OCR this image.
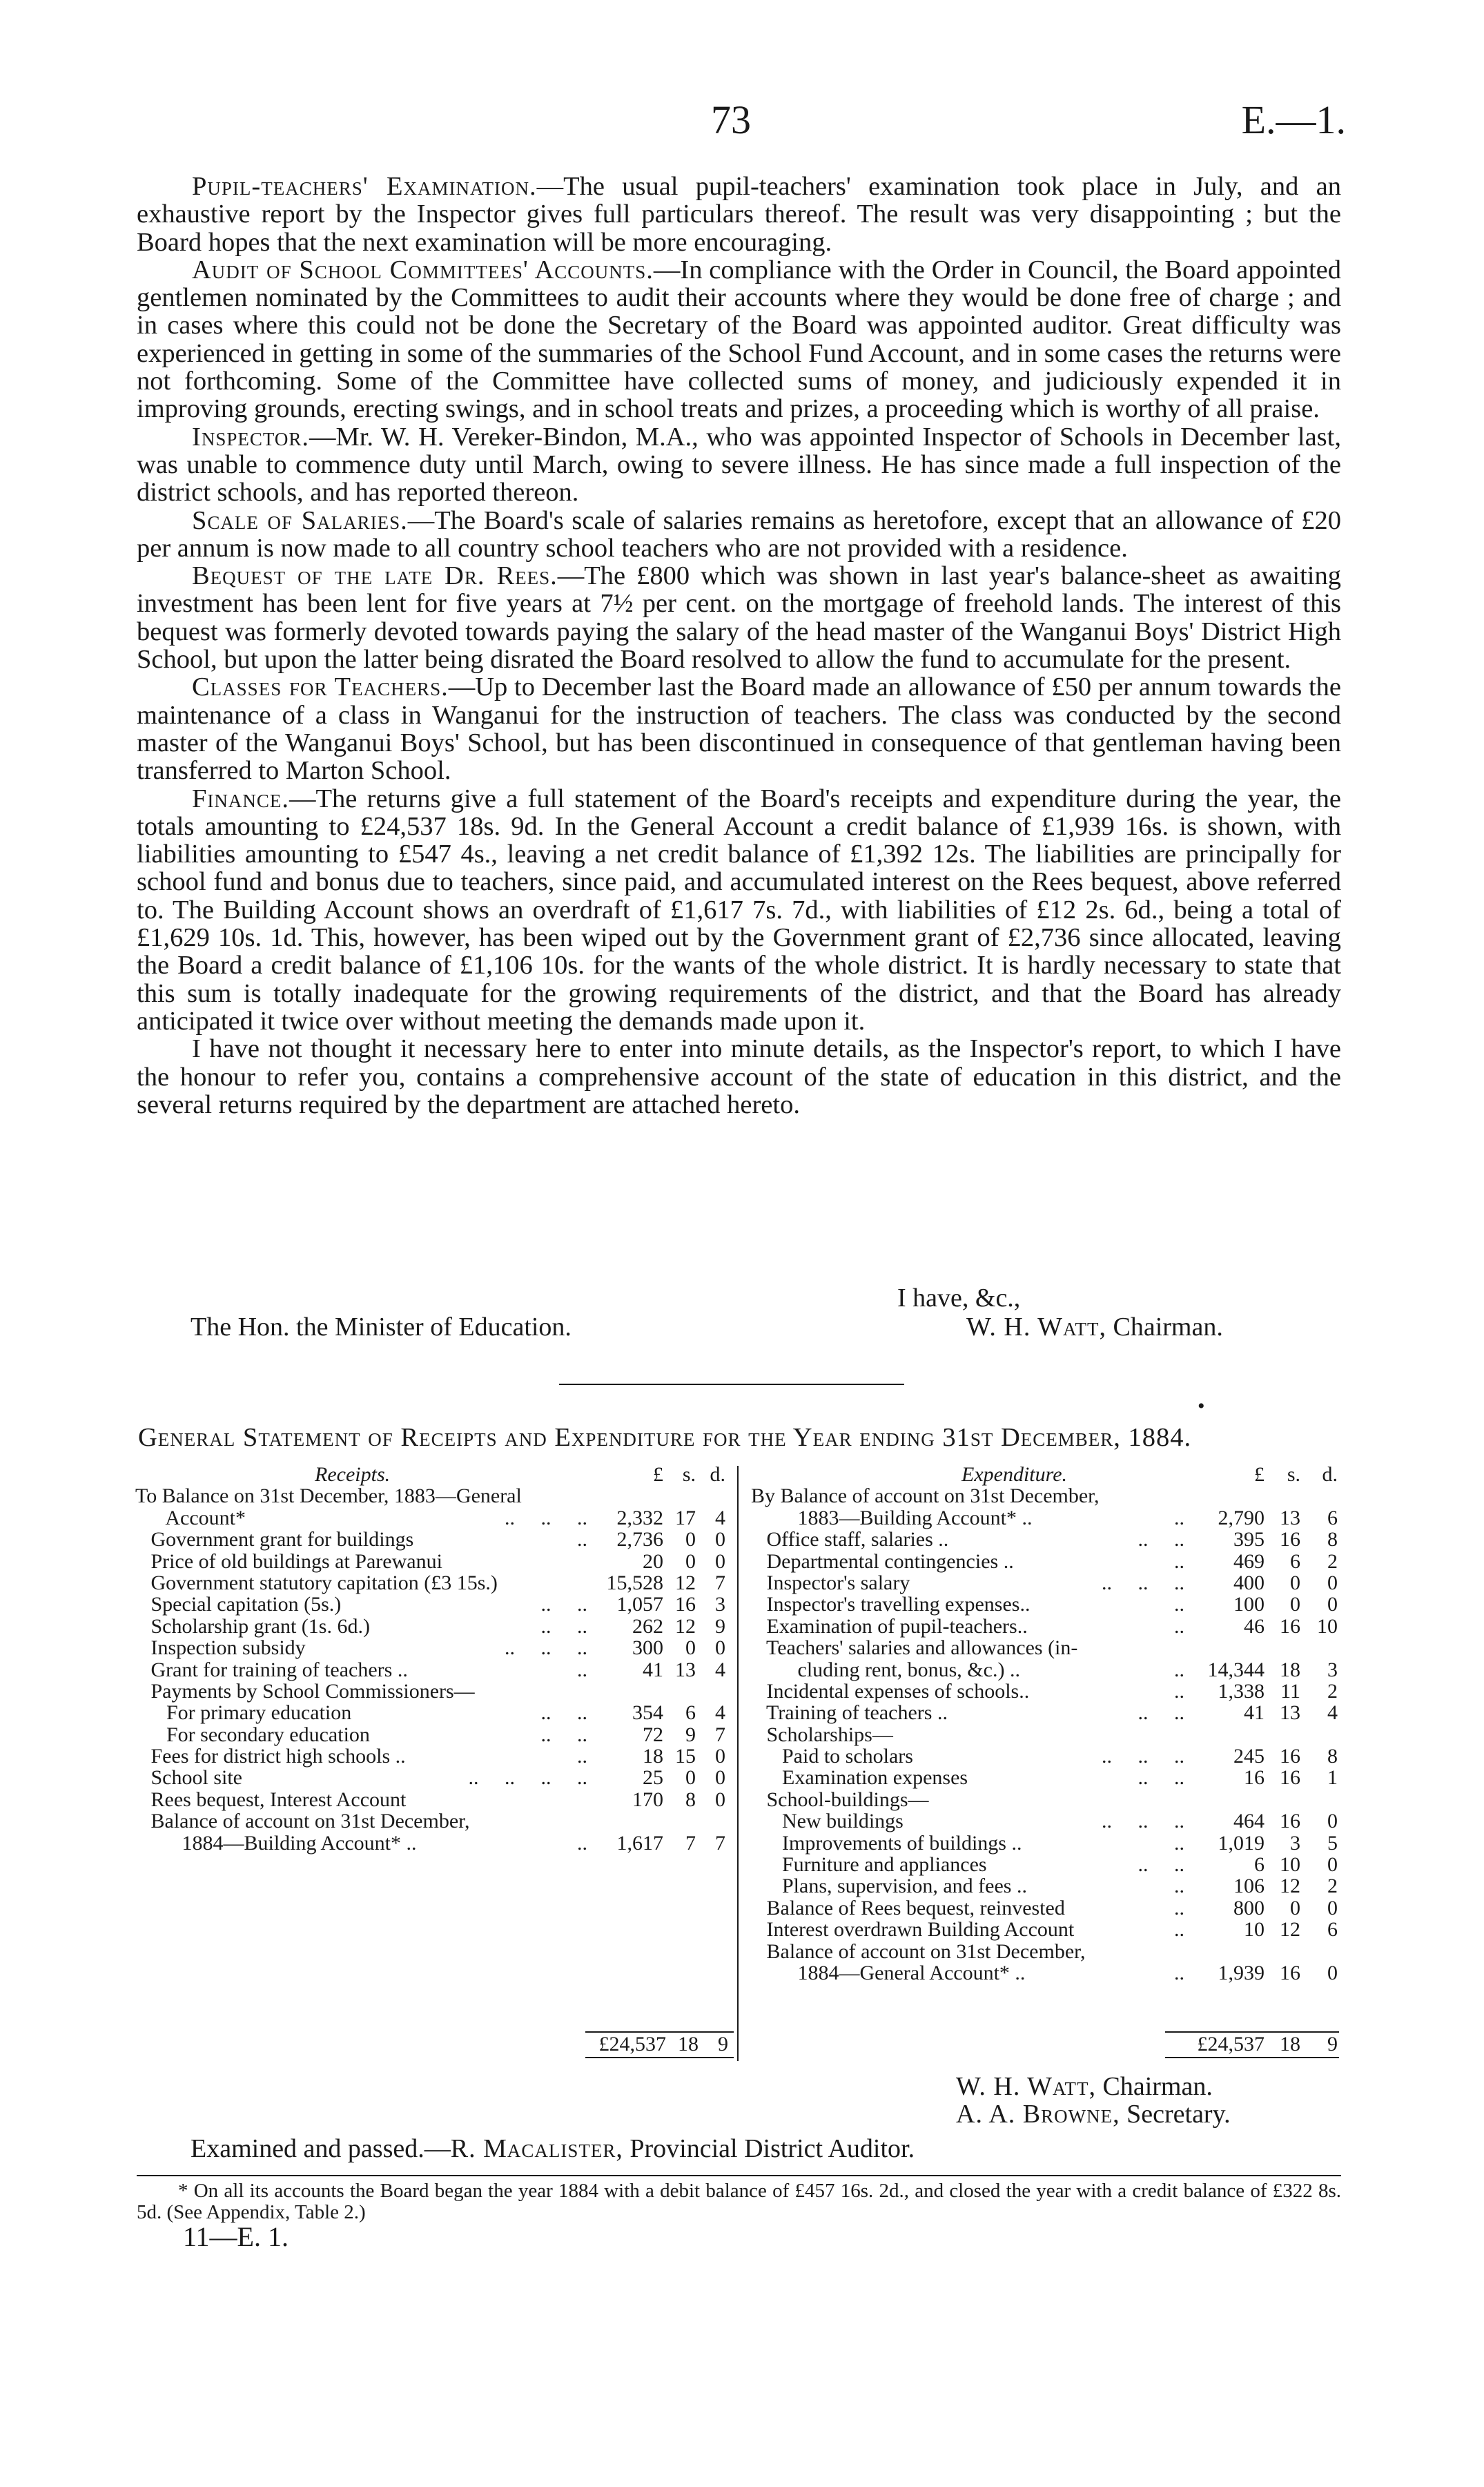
73	E.—1.

Pupil-teachers' Examination.—The usual pupil-teachers' examination took place in July, and an exhaustive report by the Inspector gives full particulars thereof. The result was very disappointing ; but the Board hopes that the next examination will be more encouraging.

Audit of School Committees' Accounts.—In compliance with the Order in Council, the Board appointed gentlemen nominated by the Committees to audit their accounts where they would be done free of charge ; and in cases where this could not be done the Secretary of the Board was appointed auditor. Great difficulty was experienced in getting in some of the summaries of the School Fund Account, and in some cases the returns were not forthcoming. Some of the Committee have collected sums of money, and judiciously expended it in improving grounds, erecting swings, and in school treats and prizes, a proceeding which is worthy of all praise.

Inspector.—Mr. W. H. Vereker-Bindon, M.A., who was appointed Inspector of Schools in December last, was unable to commence duty until March, owing to severe illness. He has since made a full inspection of the district schools, and has reported thereon.

Scale of Salaries.—The Board's scale of salaries remains as heretofore, except that an allowance of £20 per annum is now made to all country school teachers who are not provided with a residence.

Bequest of the late Dr. Rees.—The £800 which was shown in last year's balance-sheet as awaiting investment has been lent for five years at 7½ per cent. on the mortgage of freehold lands. The interest of this bequest was formerly devoted towards paying the salary of the head master of the Wanganui Boys' District High School, but upon the latter being disrated the Board resolved to allow the fund to accumulate for the present.

Classes for Teachers.—Up to December last the Board made an allowance of £50 per annum towards the maintenance of a class in Wanganui for the instruction of teachers. The class was conducted by the second master of the Wanganui Boys' School, but has been discontinued in consequence of that gentleman having been transferred to Marton School.

Finance.—The returns give a full statement of the Board's receipts and expenditure during the year, the totals amounting to £24,537 18s. 9d. In the General Account a credit balance of £1,939 16s. is shown, with liabilities amounting to £547 4s., leaving a net credit balance of £1,392 12s. The liabilities are principally for school fund and bonus due to teachers, since paid, and accumulated interest on the Rees bequest, above referred to. The Building Account shows an overdraft of £1,617 7s. 7d., with liabilities of £12 2s. 6d., being a total of £1,629 10s. 1d. This, however, has been wiped out by the Government grant of £2,736 since allocated, leaving the Board a credit balance of £1,106 10s. for the wants of the whole district. It is hardly necessary to state that this sum is totally inadequate for the growing requirements of the district, and that the Board has already anticipated it twice over without meeting the demands made upon it.

I have not thought it necessary here to enter into minute details, as the Inspector's report, to which I have the honour to refer you, contains a comprehensive account of the state of education in this district, and the several returns required by the department are attached hereto.

I have, &c.,
The Hon. the Minister of Education.	W. H. Watt, Chairman.
•
General Statement of Receipts and Expenditure for the Year ending 31st December, 1884.
Receipts.	£ s. d.
To Balance on 31st December, 1883—General
Account*	..     ..     ..	2,332 17 4
Government grant for buildings	..	2,736	0 0
Price of old buildings at Parewanui	20	0 0
Government statutory capitation (£3 15s.)	15,528 12 7
Special capitation (5s.)	..     ..	1,057 16 3
Scholarship grant (1s. 6d.)	..     ..	262 12 9
Inspection subsidy	..     ..     ..	300	0 0
Grant for training of teachers ..	..	41 13 4
Payments by School Commissioners—
For primary education	..     ..	354	6 4
For secondary education	..     ..	72	9 7
Fees for district high schools ..	..	18 15 0
School site	..     ..     ..     ..	25	0 0
Rees bequest, Interest Account	170	8 0
Balance of account on 31st December,
1884—Building Account* ..	..	1,617	7 7
Expenditure.	£	s.	d.
By Balance of account on 31st December,
1883—Building Account* ..	..	2,790 13	6
Office staff, salaries ..	..     ..	395 16	8
Departmental contingencies ..	..	469	6	2
Inspector's salary	..     ..     ..	400	0	0
Inspector's travelling expenses..	..	100	0	0
Examination of pupil-teachers..	..	46 16 10
Teachers' salaries and allowances (in-
cluding rent, bonus, &c.) ..	..	14,344 18	3
Incidental expenses of schools..	..	1,338 11	2
Training of teachers ..	..     ..	41 13	4
Scholarships—
Paid to scholars	..     ..     ..	245 16	8
Examination expenses	..     ..	16 16	1
School-buildings—
New buildings	..     ..     ..	464 16	0
Improvements of buildings ..	..	1,019	3	5
Furniture and appliances	..     ..	6 10	0
Plans, supervision, and fees ..	..	106 12	2
Balance of Rees bequest, reinvested	..	800	0	0
Interest overdrawn Building Account	..	10 12	6
Balance of account on 31st December,
1884—General Account* ..	..	1,939 16	0
£24,537 18 9	£24,537 18	9
W. H. Watt, Chairman.
A. A. Browne, Secretary.
Examined and passed.—R. Macalister, Provincial District Auditor.
* On all its accounts the Board began the year 1884 with a debit balance of £457 16s. 2d., and closed the year with a credit balance of £322 8s. 5d. (See Appendix, Table 2.)
11—E. 1.
